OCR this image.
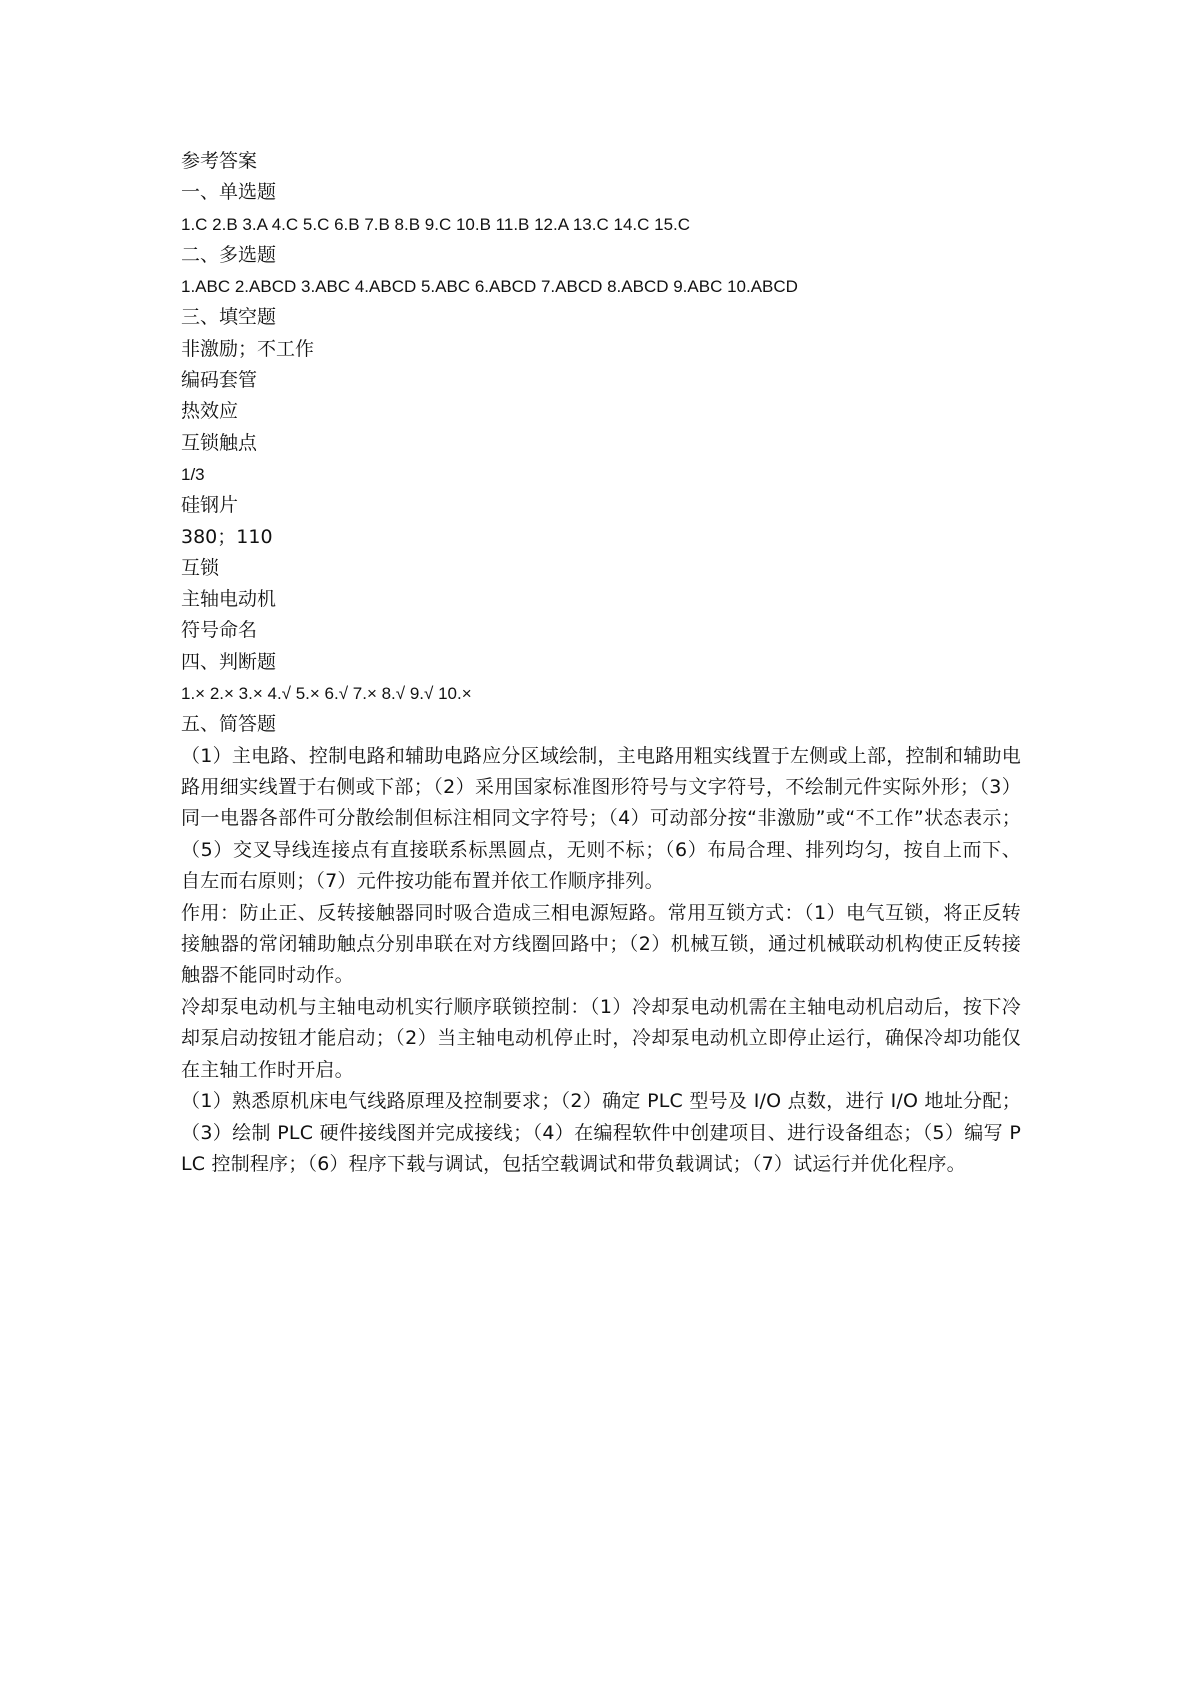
参考答案

一、单选题

1.C 2.B 3.A 4.C 5.C 6.B 7.B 8.B 9.C 10.B 11.B 12.A 13.C 14.C 15.C

二、多选题

1.ABC 2.ABCD 3.ABC 4.ABCD 5.ABC 6.ABCD 7.ABCD 8.ABCD 9.ABC 10.ABCD

三、填空题

非激励；不工作

编码套管

热效应

互锁触点

1/3

硅钢片

380；110

互锁

主轴电动机

符号命名

四、判断题

1.× 2.× 3.× 4.√ 5.× 6.√ 7.× 8.√ 9.√ 10.×

五、简答题

（1）主电路、控制电路和辅助电路应分区域绘制，主电路用粗实线置于左侧或上部，控制和辅助电路用细实线置于右侧或下部；（2）采用国家标准图形符号与文字符号，不绘制元件实际外形；（3）同一电器各部件可分散绘制但标注相同文字符号；（4）可动部分按“非激励”或“不工作”状态表示；（5）交叉导线连接点有直接联系标黑圆点，无则不标；（6）布局合理、排列均匀，按自上而下、自左而右原则；（7）元件按功能布置并依工作顺序排列。

作用：防止正、反转接触器同时吸合造成三相电源短路。常用互锁方式：（1）电气互锁，将正反转接触器的常闭辅助触点分别串联在对方线圈回路中；（2）机械互锁，通过机械联动机构使正反转接触器不能同时动作。

冷却泵电动机与主轴电动机实行顺序联锁控制：（1）冷却泵电动机需在主轴电动机启动后，按下冷却泵启动按钮才能启动；（2）当主轴电动机停止时，冷却泵电动机立即停止运行，确保冷却功能仅在主轴工作时开启。

（1）熟悉原机床电气线路原理及控制要求；（2）确定 PLC 型号及 I/O 点数，进行 I/O 地址分配；（3）绘制 PLC 硬件接线图并完成接线；（4）在编程软件中创建项目、进行设备组态；（5）编写 PLC 控制程序；（6）程序下载与调试，包括空载调试和带负载调试；（7）试运行并优化程序。
